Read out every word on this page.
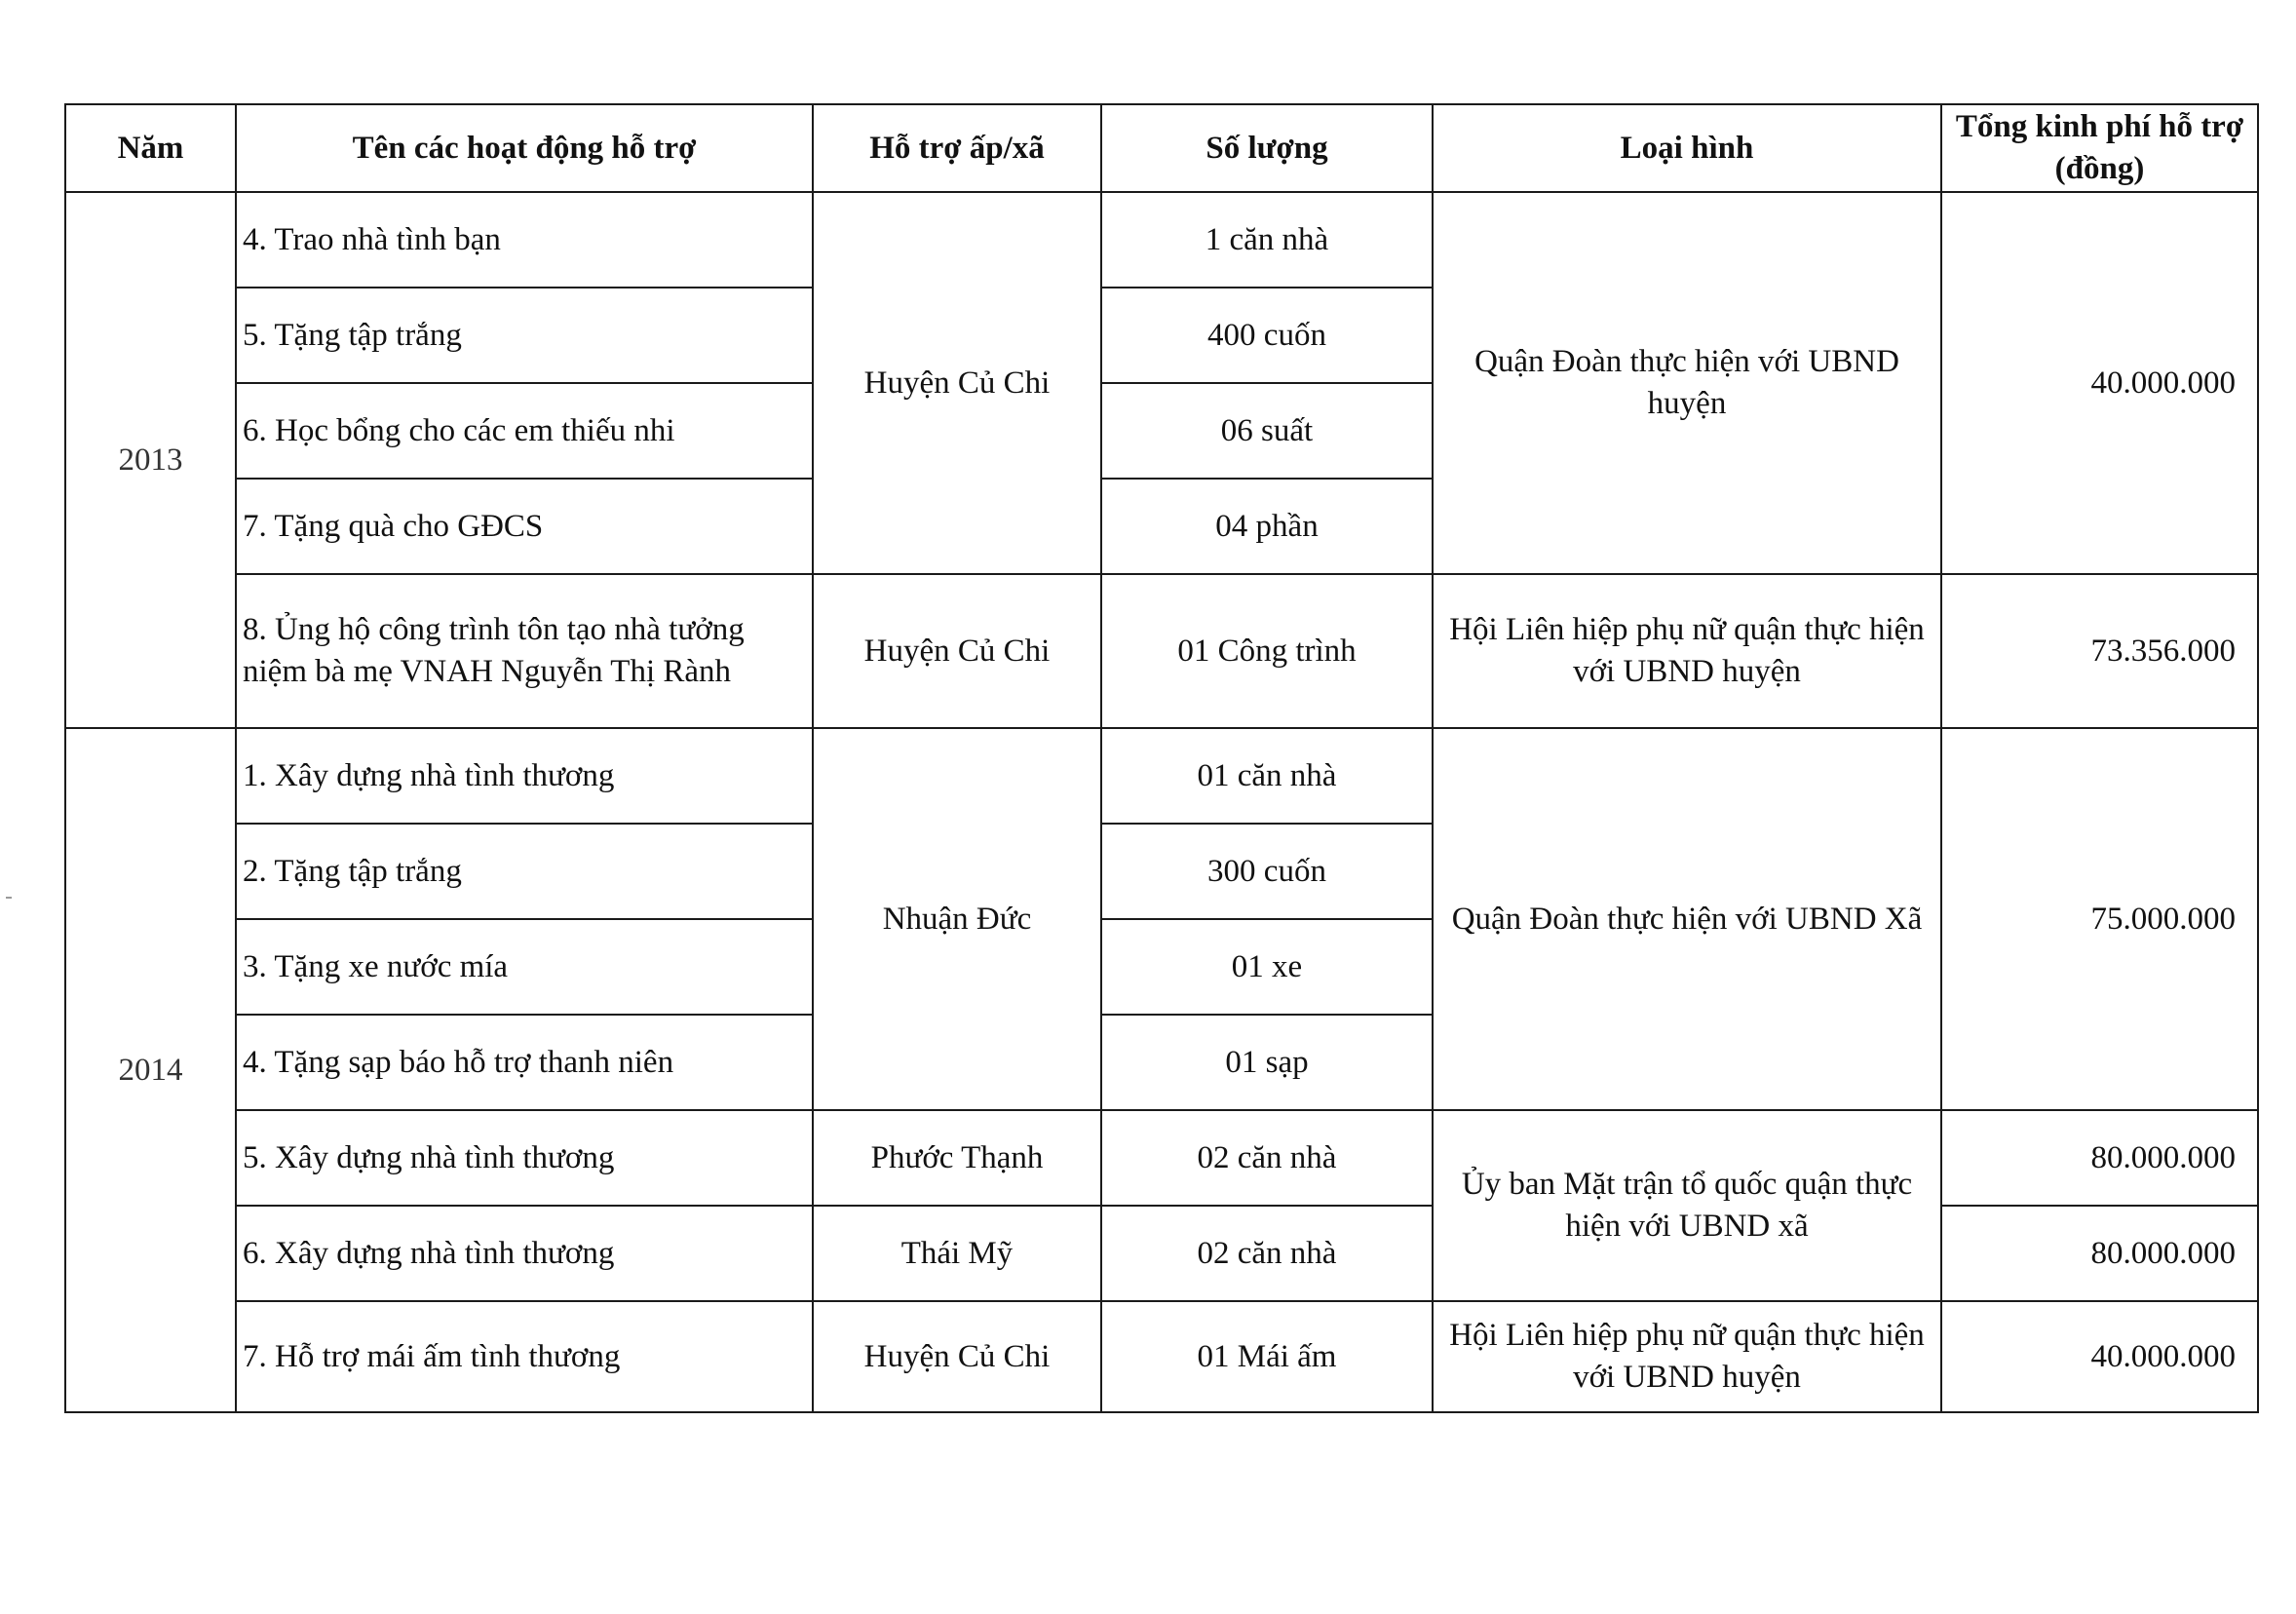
Năm	Tên các hoạt động hỗ trợ	Hỗ trợ ấp/xã	Số lượng	Loại hình	Tổng kinh phí hỗ trợ (đồng)
2013	4. Trao nhà tình bạn	Huyện Củ Chi	1 căn nhà	Quận Đoàn thực hiện với UBND huyện	40.000.000
	5. Tặng tập trắng		400 cuốn		
	6. Học bổng cho các em thiếu nhi		06 suất		
	7. Tặng quà cho GĐCS		04 phần		
	8. Ủng hộ công trình tôn tạo nhà tưởng niệm bà mẹ VNAH Nguyễn Thị Rành	Huyện Củ Chi	01 Công trình	Hội Liên hiệp phụ nữ quận thực hiện với UBND huyện	73.356.000
2014	1. Xây dựng nhà tình thương	Nhuận Đức	01 căn nhà	Quận Đoàn thực hiện với UBND Xã	75.000.000
	2. Tặng tập trắng		300 cuốn		
	3. Tặng xe nước mía		01 xe		
	4. Tặng sạp báo hỗ trợ thanh niên		01 sạp		
	5. Xây dựng nhà tình thương	Phước Thạnh	02 căn nhà	Ủy ban Mặt trận tổ quốc quận thực hiện với UBND xã	80.000.000
	6. Xây dựng nhà tình thương	Thái Mỹ	02 căn nhà		80.000.000
	7. Hỗ trợ mái ấm tình thương	Huyện Củ Chi	01 Mái ấm	Hội Liên hiệp phụ nữ quận thực hiện với UBND huyện	40.000.000
